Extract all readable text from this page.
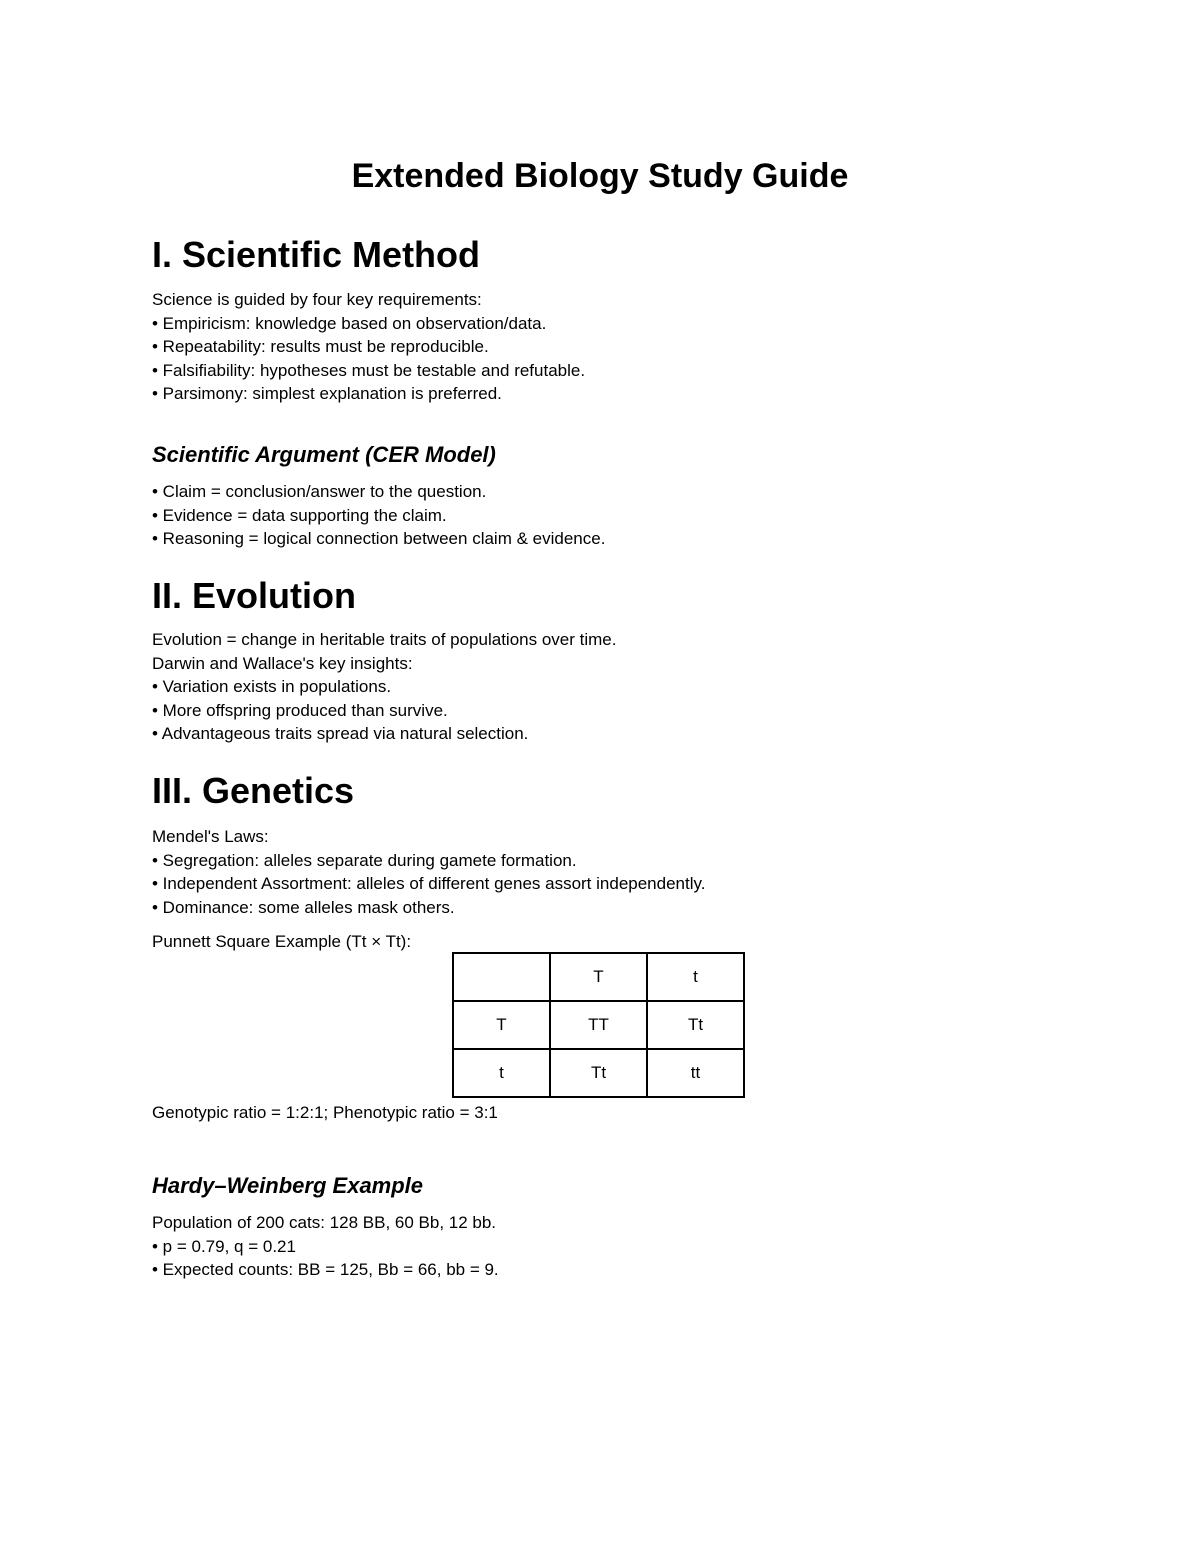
Extended Biology Study Guide
I. Scientific Method
Science is guided by four key requirements:
• Empiricism: knowledge based on observation/data.
• Repeatability: results must be reproducible.
• Falsifiability: hypotheses must be testable and refutable.
• Parsimony: simplest explanation is preferred.
Scientific Argument (CER Model)
• Claim = conclusion/answer to the question.
• Evidence = data supporting the claim.
• Reasoning = logical connection between claim & evidence.
II. Evolution
Evolution = change in heritable traits of populations over time.
Darwin and Wallace's key insights:
• Variation exists in populations.
• More offspring produced than survive.
• Advantageous traits spread via natural selection.
III. Genetics
Mendel's Laws:
• Segregation: alleles separate during gamete formation.
• Independent Assortment: alleles of different genes assort independently.
• Dominance: some alleles mask others.
Punnett Square Example (Tt × Tt):
	T	t
T	TT	Tt
t	Tt	tt
Genotypic ratio = 1:2:1; Phenotypic ratio = 3:1
Hardy–Weinberg Example
Population of 200 cats: 128 BB, 60 Bb, 12 bb.
• p = 0.79, q = 0.21
• Expected counts: BB = 125, Bb = 66, bb = 9.
